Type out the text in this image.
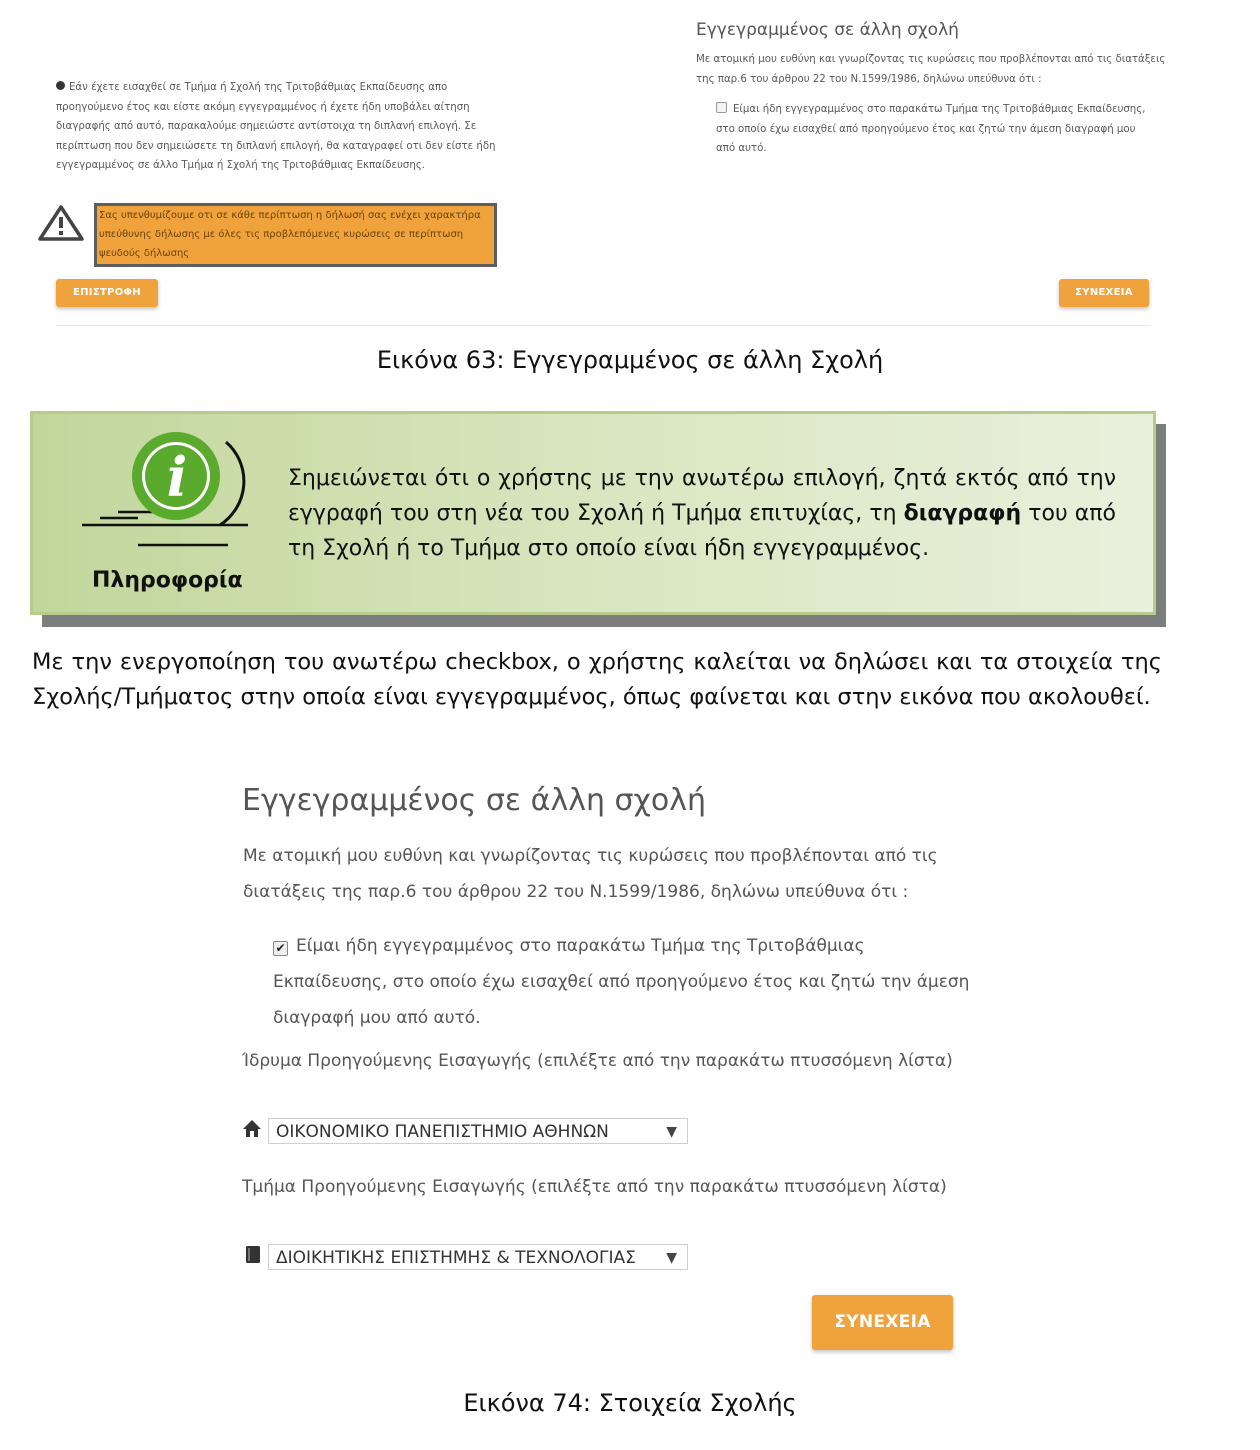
Εάν έχετε εισαχθεί σε Τμήμα ή Σχολή της Τριτοβάθμιας Εκπαίδευσης απο προηγούμενο έτος και είστε ακόμη εγγεγραμμένος ή έχετε ήδη υποβάλει αίτηση διαγραφής από αυτό, παρακαλούμε σημειώστε αντίστοιχα τη διπλανή επιλογή. Σε περίπτωση που δεν σημειώσετε τη διπλανή επιλογή, θα καταγραφεί οτι δεν είστε ήδη εγγεγραμμένος σε άλλο Τμήμα ή Σχολή της Τριτοβάθμιας Εκπαίδευσης.
Σας υπενθυμίζουμε οτι σε κάθε περίπτωση η δήλωσή σας ενέχει χαρακτήρα υπεύθυνης δήλωσης με όλες τις προβλεπόμενες κυρώσεις σε περίπτωση ψευδούς δήλωσης
ΕΠΙΣΤΡΟΦΗ	ΣΥΝΕΧΕΙΑ
Εγγεγραμμένος σε άλλη σχολή
Με ατομική μου ευθύνη και γνωρίζοντας τις κυρώσεις που προβλέπονται από τις διατάξεις της παρ.6 του άρθρου 22 του Ν.1599/1986, δηλώνω υπεύθυνα ότι :
Είμαι ήδη εγγεγραμμένος στο παρακάτω Τμήμα της Τριτοβάθμιας Εκπαίδευσης, στο οποίο έχω εισαχθεί από προηγούμενο έτος και ζητώ την άμεση διαγραφή μου από αυτό.
Εικόνα 63: Εγγεγραμμένος σε άλλη Σχολή
i
Πληροφορία
Σημειώνεται ότι ο χρήστης με την ανωτέρω επιλογή, ζητά εκτός από την εγγραφή του στη νέα του Σχολή ή Τμήμα επιτυχίας, τη διαγραφή του από τη Σχολή ή το Τμήμα στο οποίο είναι ήδη εγγεγραμμένος.
Με την ενεργοποίηση του ανωτέρω checkbox, ο χρήστης καλείται να δηλώσει και τα στοιχεία της Σχολής/Τμήματος στην οποία είναι εγγεγραμμένος, όπως φαίνεται και στην εικόνα που ακολουθεί.
Εγγεγραμμένος σε άλλη σχολή
Με ατομική μου ευθύνη και γνωρίζοντας τις κυρώσεις που προβλέπονται από τις διατάξεις της παρ.6 του άρθρου 22 του Ν.1599/1986, δηλώνω υπεύθυνα ότι :
✔ Είμαι ήδη εγγεγραμμένος στο παρακάτω Τμήμα της Τριτοβάθμιας Εκπαίδευσης, στο οποίο έχω εισαχθεί από προηγούμενο έτος και ζητώ την άμεση διαγραφή μου από αυτό.
Ίδρυμα Προηγούμενης Εισαγωγής (επιλέξτε από την παρακάτω πτυσσόμενη λίστα)
ΟΙΚΟΝΟΜΙΚΟ ΠΑΝΕΠΙΣΤΗΜΙΟ ΑΘΗΝΩΝ	▼
Τμήμα Προηγούμενης Εισαγωγής (επιλέξτε από την παρακάτω πτυσσόμενη λίστα)
ΔΙΟΙΚΗΤΙΚΗΣ ΕΠΙΣΤΗΜΗΣ & ΤΕΧΝΟΛΟΓΙΑΣ ▼
ΣΥΝΕΧΕΙΑ
Εικόνα 74: Στοιχεία Σχολής
